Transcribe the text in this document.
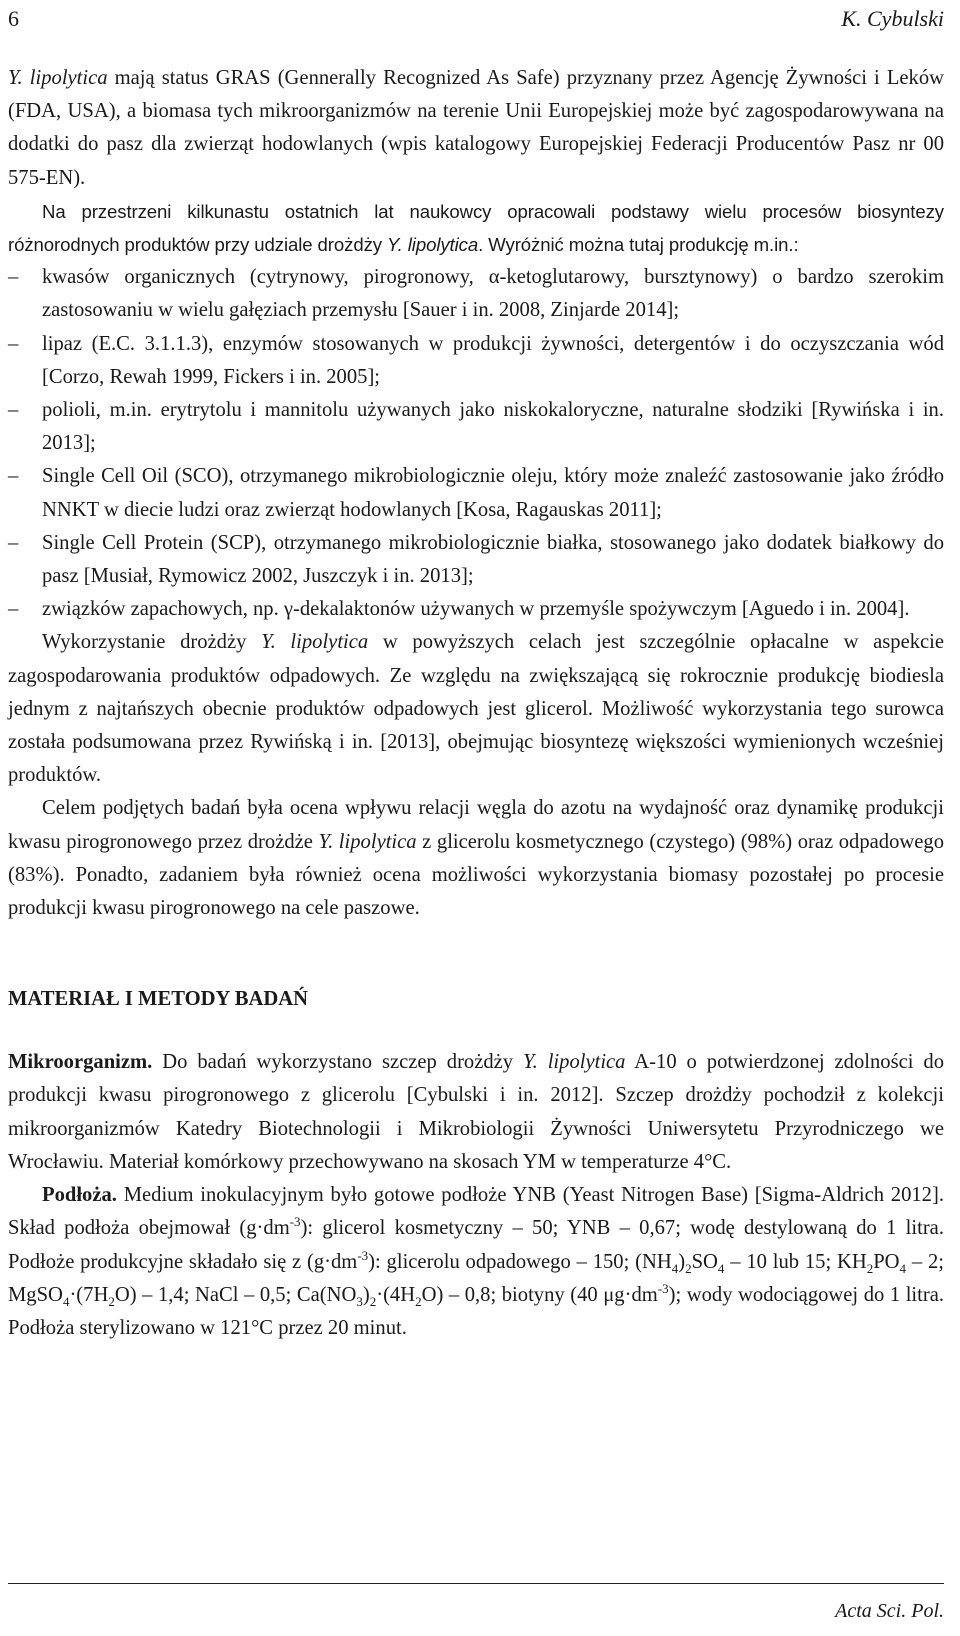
6	K. Cybulski

Y. lipolytica mają status GRAS (Gennerally Recognized As Safe) przyznany przez Agencję Żywności i Leków (FDA, USA), a biomasa tych mikroorganizmów na terenie Unii Europejskiej może być zagospodarowywana na dodatki do pasz dla zwierząt hodowlanych (wpis katalogowy Europejskiej Federacji Producentów Pasz nr 00 575-EN).

Na przestrzeni kilkunastu ostatnich lat naukowcy opracowali podstawy wielu procesów biosyntezy różnorodnych produktów przy udziale drożdży Y. lipolytica. Wyróżnić można tutaj produkcję m.in.:

– kwasów organicznych (cytrynowy, pirogronowy, α-ketoglutarowy, bursztynowy) o bardzo szerokim zastosowaniu w wielu gałęziach przemysłu [Sauer i in. 2008, Zinjarde 2014];
– lipaz (E.C. 3.1.1.3), enzymów stosowanych w produkcji żywności, detergentów i do oczyszczania wód [Corzo, Rewah 1999, Fickers i in. 2005];
– polioli, m.in. erytrytolu i mannitolu używanych jako niskokaloryczne, naturalne słodziki [Rywińska i in. 2013];
– Single Cell Oil (SCO), otrzymanego mikrobiologicznie oleju, który może znaleźć zastosowanie jako źródło NNKT w diecie ludzi oraz zwierząt hodowlanych [Kosa, Ragauskas 2011];
– Single Cell Protein (SCP), otrzymanego mikrobiologicznie białka, stosowanego jako dodatek białkowy do pasz [Musiał, Rymowicz 2002, Juszczyk i in. 2013];
– związków zapachowych, np. γ-dekalaktonów używanych w przemyśle spożywczym [Aguedo i in. 2004].

Wykorzystanie drożdży Y. lipolytica w powyższych celach jest szczególnie opłacalne w aspekcie zagospodarowania produktów odpadowych. Ze względu na zwiększającą się rokrocznie produkcję biodiesla jednym z najtańszych obecnie produktów odpadowych jest glicerol. Możliwość wykorzystania tego surowca została podsumowana przez Rywińską i in. [2013], obejmując biosyntezę większości wymienionych wcześniej produktów.

Celem podjętych badań była ocena wpływu relacji węgla do azotu na wydajność oraz dynamikę produkcji kwasu pirogronowego przez drożdże Y. lipolytica z glicerolu kosmetycznego (czystego) (98%) oraz odpadowego (83%). Ponadto, zadaniem była również ocena możliwości wykorzystania biomasy pozostałej po procesie produkcji kwasu pirogronowego na cele paszowe.

MATERIAŁ I METODY BADAŃ

Mikroorganizm. Do badań wykorzystano szczep drożdży Y. lipolytica A-10 o potwierdzonej zdolności do produkcji kwasu pirogronowego z glicerolu [Cybulski i in. 2012]. Szczep drożdży pochodził z kolekcji mikroorganizmów Katedry Biotechnologii i Mikrobiologii Żywności Uniwersytetu Przyrodniczego we Wrocławiu. Materiał komórkowy przechowywano na skosach YM w temperaturze 4°C.

Podłoża. Medium inokulacyjnym było gotowe podłoże YNB (Yeast Nitrogen Base) [Sigma-Aldrich 2012]. Skład podłoża obejmował $(g\cdot dm^{-3})$: glicerol kosmetyczny – 50; YNB – 0,67; wodę destylowaną do 1 litra. Podłoże produkcyjne składało się z $(g\cdot dm^{-3})$: glicerolu odpadowego – 150; $(NH_4)_2SO_4 - 10$ lub 15; $KH_2PO_4 - 2$; $MgSO_4\cdot(7H_2O) - 1,4$; NaCl – 0,5; $Ca(NO_3)_2\cdot(4H_2O) - 0,8$; biotyny (40 $\mu g\cdot dm^{-3}$); wody wodociągowej do 1 litra. Podłoża sterylizowano w 121°C przez 20 minut.

Acta Sci. Pol.
